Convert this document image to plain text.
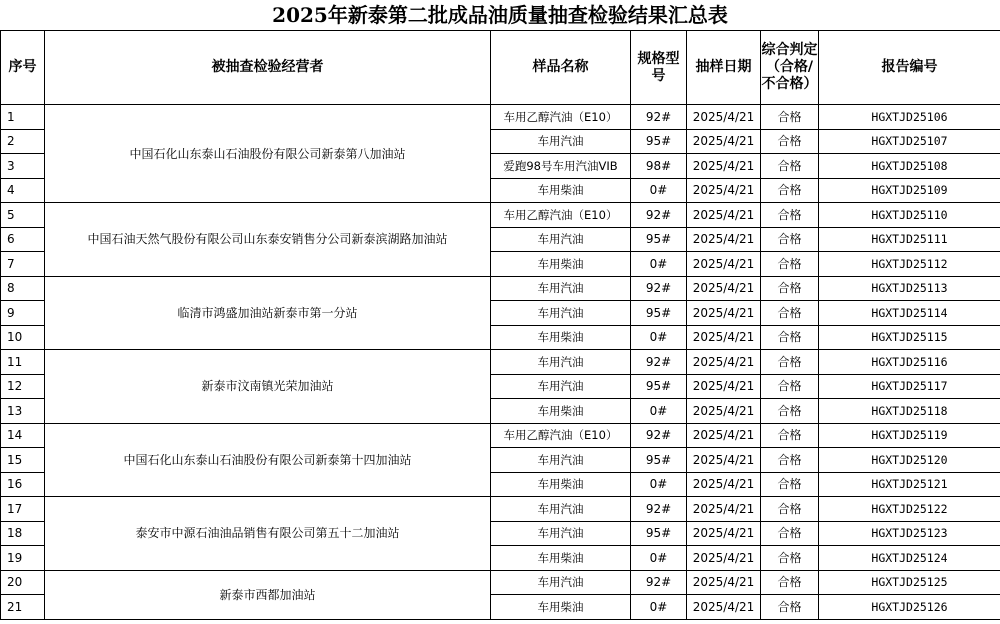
2025年新泰第二批成品油质量抽查检验结果汇总表
序号	被抽查检验经营者	样品名称	规格型号	抽样日期	综合判定（合格/不合格）	报告编号
1	中国石化山东泰山石油股份有限公司新泰第八加油站	车用乙醇汽油（E10）	92#	2025/4/21	合格	HGXTJD25106
2		车用汽油	95#	2025/4/21	合格	HGXTJD25107
3		爱跑98号车用汽油VIB	98#	2025/4/21	合格	HGXTJD25108
4		车用柴油	0#	2025/4/21	合格	HGXTJD25109
5	中国石油天然气股份有限公司山东泰安销售分公司新泰滨湖路加油站	车用乙醇汽油（E10）	92#	2025/4/21	合格	HGXTJD25110
6		车用汽油	95#	2025/4/21	合格	HGXTJD25111
7		车用柴油	0#	2025/4/21	合格	HGXTJD25112
8	临清市鸿盛加油站新泰市第一分站	车用汽油	92#	2025/4/21	合格	HGXTJD25113
9		车用汽油	95#	2025/4/21	合格	HGXTJD25114
10		车用柴油	0#	2025/4/21	合格	HGXTJD25115
11	新泰市汶南镇光荣加油站	车用汽油	92#	2025/4/21	合格	HGXTJD25116
12		车用汽油	95#	2025/4/21	合格	HGXTJD25117
13		车用柴油	0#	2025/4/21	合格	HGXTJD25118
14	中国石化山东泰山石油股份有限公司新泰第十四加油站	车用乙醇汽油（E10）	92#	2025/4/21	合格	HGXTJD25119
15		车用汽油	95#	2025/4/21	合格	HGXTJD25120
16		车用柴油	0#	2025/4/21	合格	HGXTJD25121
17	泰安市中源石油油品销售有限公司第五十二加油站	车用汽油	92#	2025/4/21	合格	HGXTJD25122
18		车用汽油	95#	2025/4/21	合格	HGXTJD25123
19		车用柴油	0#	2025/4/21	合格	HGXTJD25124
20	新泰市西都加油站	车用汽油	92#	2025/4/21	合格	HGXTJD25125
21		车用柴油	0#	2025/4/21	合格	HGXTJD25126
